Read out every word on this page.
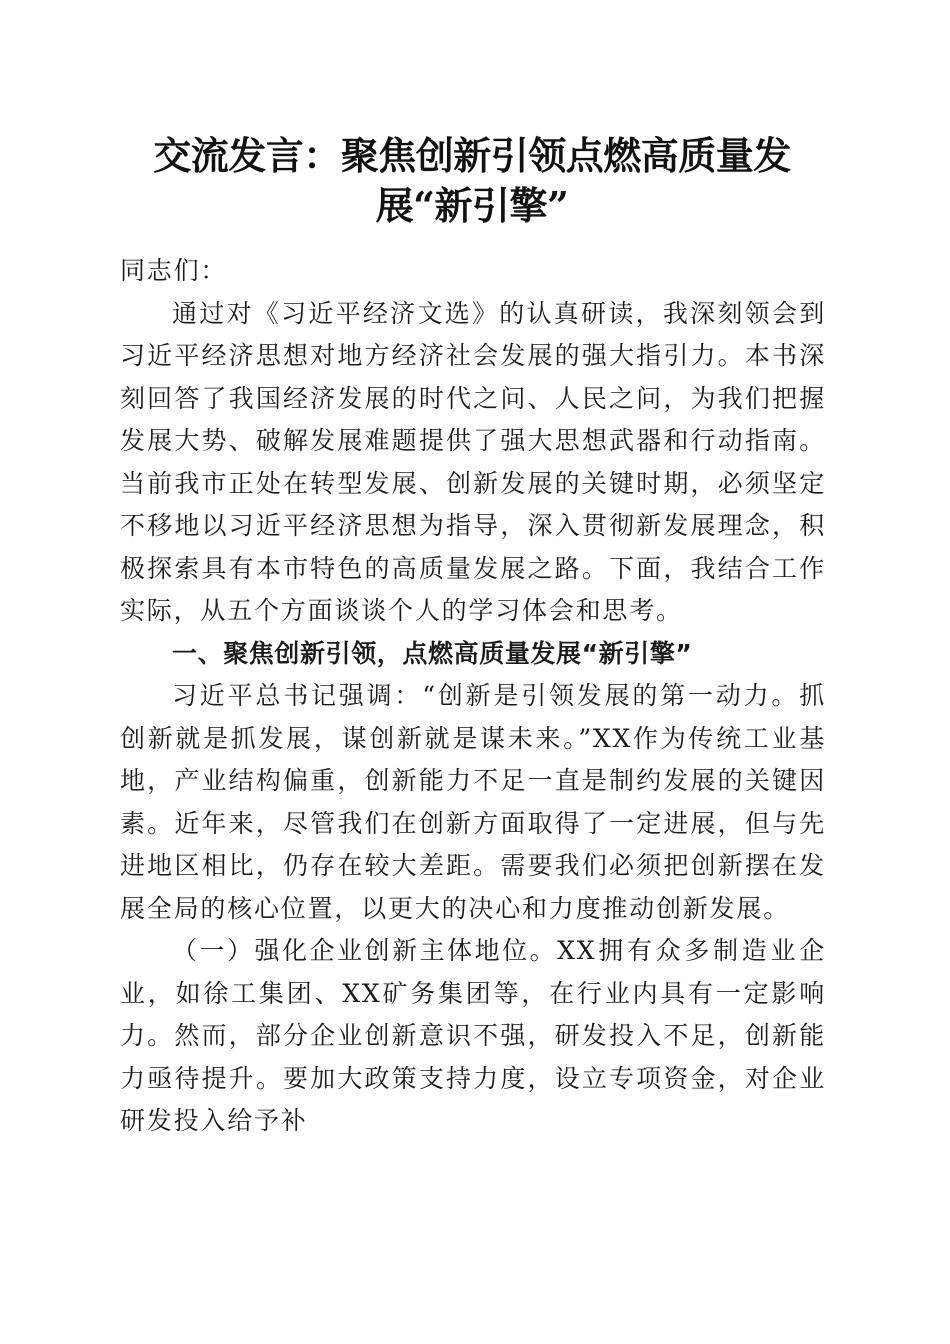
交流发言：聚焦创新引领点燃高质量发展“新引擎”

同志们：

通过对《习近平经济文选》的认真研读，我深刻领会到习近平经济思想对地方经济社会发展的强大指引力。本书深刻回答了我国经济发展的时代之问、人民之问，为我们把握发展大势、破解发展难题提供了强大思想武器和行动指南。当前我市正处在转型发展、创新发展的关键时期，必须坚定不移地以习近平经济思想为指导，深入贯彻新发展理念，积极探索具有本市特色的高质量发展之路。下面，我结合工作实际，从五个方面谈谈个人的学习体会和思考。

一、聚焦创新引领，点燃高质量发展“新引擎”

习近平总书记强调：“创新是引领发展的第一动力。抓创新就是抓发展，谋创新就是谋未来。”XX作为传统工业基地，产业结构偏重，创新能力不足一直是制约发展的关键因素。近年来，尽管我们在创新方面取得了一定进展，但与先进地区相比，仍存在较大差距。需要我们必须把创新摆在发展全局的核心位置，以更大的决心和力度推动创新发展。

（一）强化企业创新主体地位。XX拥有众多制造业企业，如徐工集团、XX矿务集团等，在行业内具有一定影响力。然而，部分企业创新意识不强，研发投入不足，创新能力亟待提升。要加大政策支持力度，设立专项资金，对企业研发投入给予补
